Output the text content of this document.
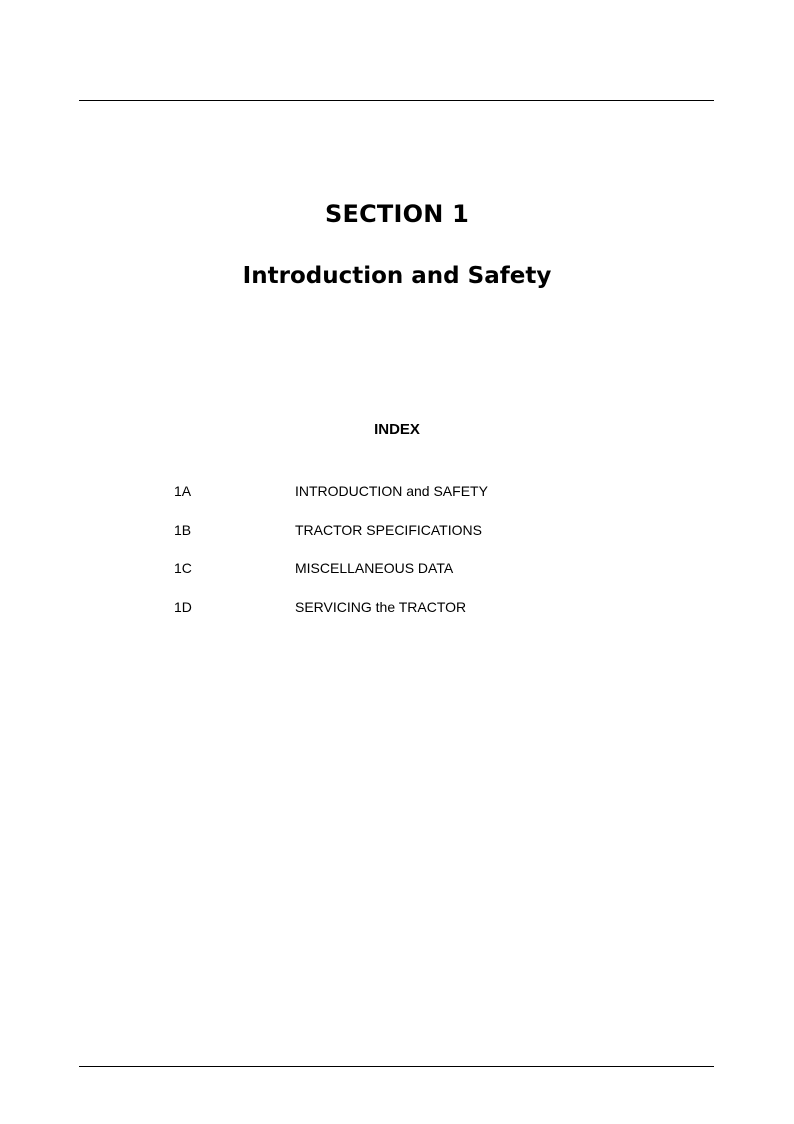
SECTION 1
Introduction and Safety
INDEX
1A	INTRODUCTION and SAFETY
1B	TRACTOR SPECIFICATIONS
1C	MISCELLANEOUS DATA
1D	SERVICING the TRACTOR
